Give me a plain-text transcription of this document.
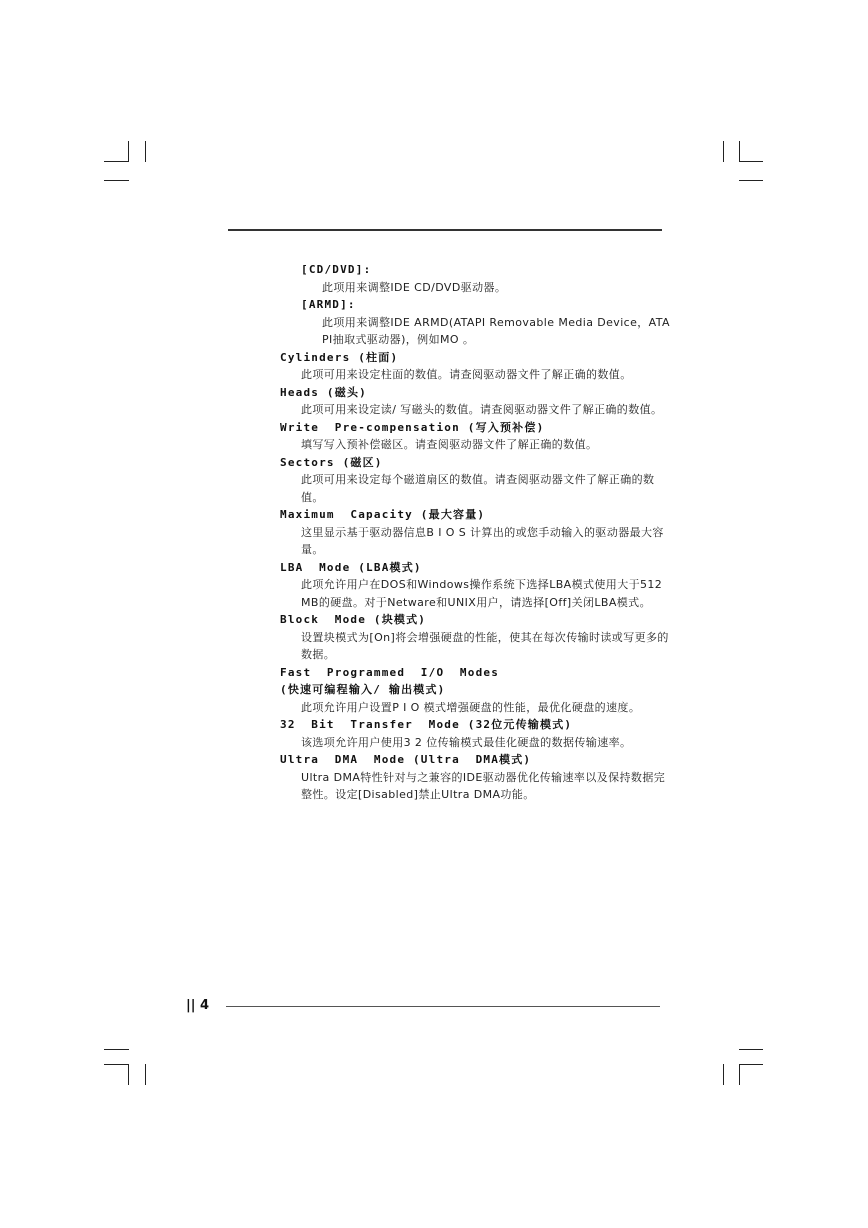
[CD/DVD]:
此项用来调整IDE CD/DVD驱动器。
[ARMD]:
此项用来调整IDE ARMD(ATAPI Removable Media Device，ATAPI抽取式驱动器)，例如MO 。
Cylinders (柱面)
此项可用来设定柱面的数值。请查阅驱动器文件了解正确的数值。
Heads (磁头)
此项可用来设定读/ 写磁头的数值。请查阅驱动器文件了解正确的数值。
Write  Pre-compensation (写入预补偿)
填写写入预补偿磁区。请查阅驱动器文件了解正确的数值。
Sectors (磁区)
此项可用来设定每个磁道扇区的数值。请查阅驱动器文件了解正确的数值。
Maximum  Capacity (最大容量)
这里显示基于驱动器信息B I O S 计算出的或您手动输入的驱动器最大容量。
LBA  Mode (LBA模式)
此项允许用户在DOS和Windows操作系统下选择LBA模式使用大于512 MB的硬盘。对于Netware和UNIX用户，请选择[Off]关闭LBA模式。
Block  Mode (块模式)
设置块模式为[On]将会增强硬盘的性能，使其在每次传输时读或写更多的数据。
Fast  Programmed  I/O  Modes
(快速可编程输入/ 输出模式)
此项允许用户设置P I O 模式增强硬盘的性能，最优化硬盘的速度。
32  Bit  Transfer  Mode (32位元传输模式)
该选项允许用户使用3 2 位传输模式最佳化硬盘的数据传输速率。
Ultra  DMA  Mode (Ultra  DMA模式)
Ultra DMA特性针对与之兼容的IDE驱动器优化传输速率以及保持数据完整性。设定[Disabled]禁止Ultra DMA功能。
|| 4
